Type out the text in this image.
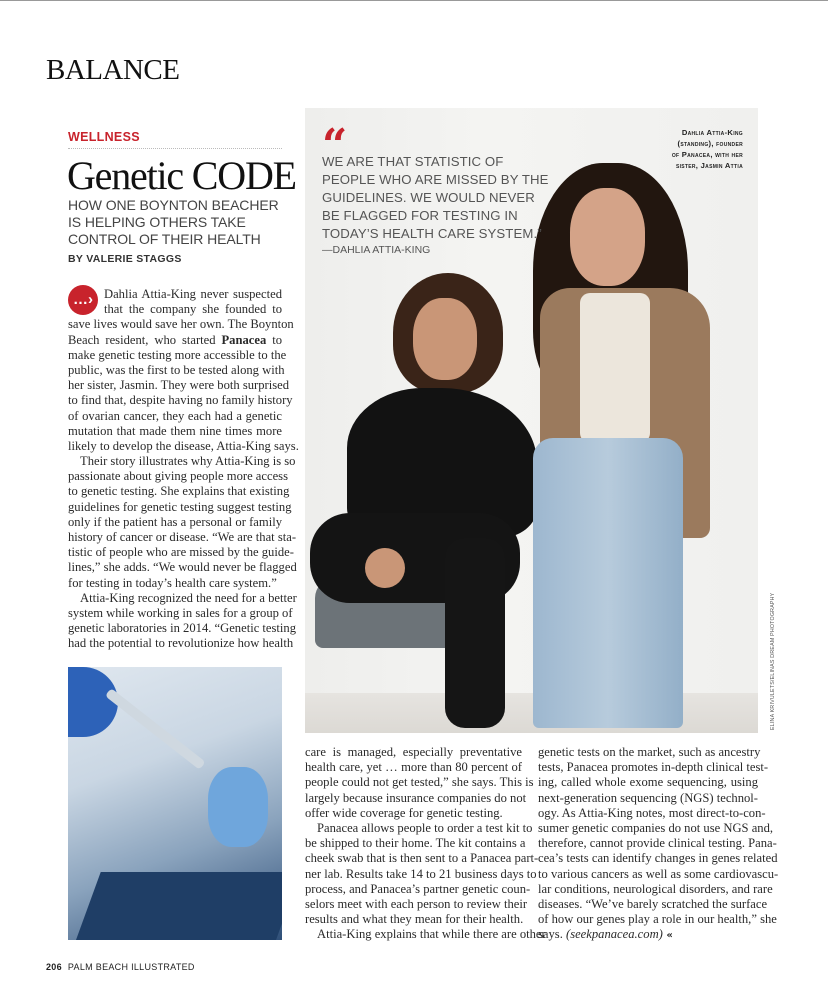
BALANCE
WELLNESS
Genetic CODE
HOW ONE BOYNTON BEACHER
IS HELPING OTHERS TAKE
CONTROL OF THEIR HEALTH
BY VALERIE STAGGS
…› Dahlia Attia-King never suspected
that the company she founded to
save lives would save her own. The Boynton
Beach resident, who started Panacea to
make genetic testing more accessible to the
public, was the first to be tested along with
her sister, Jasmin. They were both surprised
to find that, despite having no family history
of ovarian cancer, they each had a genetic
mutation that made them nine times more
likely to develop the disease, Attia-King says.
Their story illustrates why Attia-King is so
passionate about giving people more access
to genetic testing. She explains that existing
guidelines for genetic testing suggest testing
only if the patient has a personal or family
history of cancer or disease. “We are that sta-
tistic of people who are missed by the guide-
lines,” she adds. “We would never be flagged
for testing in today’s health care system.”
Attia-King recognized the need for a better
system while working in sales for a group of
genetic laboratories in 2014. “Genetic testing
had the potential to revolutionize how health
“
WE ARE THAT STATISTIC OF
PEOPLE WHO ARE MISSED BY THE
GUIDELINES. WE WOULD NEVER
BE FLAGGED FOR TESTING IN
TODAY’S HEALTH CARE SYSTEM.”
—DAHLIA ATTIA-KING
Dahlia Attia-King
(standing), founder
of Panacea, with her
sister, Jasmin Attia
ELINA KRIVULETS/ELINAS DREAM PHOTOGRAPHY
care is managed, especially preventative
health care, yet … more than 80 percent of
people could not get tested,” she says. This is
largely because insurance companies do not
offer wide coverage for genetic testing.
Panacea allows people to order a test kit to
be shipped to their home. The kit contains a
cheek swab that is then sent to a Panacea part-
ner lab. Results take 14 to 21 business days to
process, and Panacea’s partner genetic coun-
selors meet with each person to review their
results and what they mean for their health.
Attia-King explains that while there are other
genetic tests on the market, such as ancestry
tests, Panacea promotes in-depth clinical test-
ing, called whole exome sequencing, using
next-generation sequencing (NGS) technol-
ogy. As Attia-King notes, most direct-to-con-
sumer genetic companies do not use NGS and,
therefore, cannot provide clinical testing. Pana-
cea’s tests can identify changes in genes related
to various cancers as well as some cardiovascu-
lar conditions, neurological disorders, and rare
diseases. “We’ve barely scratched the surface
of how our genes play a role in our health,” she
says. (seekpanacea.com) «
206 PALM BEACH ILLUSTRATED
